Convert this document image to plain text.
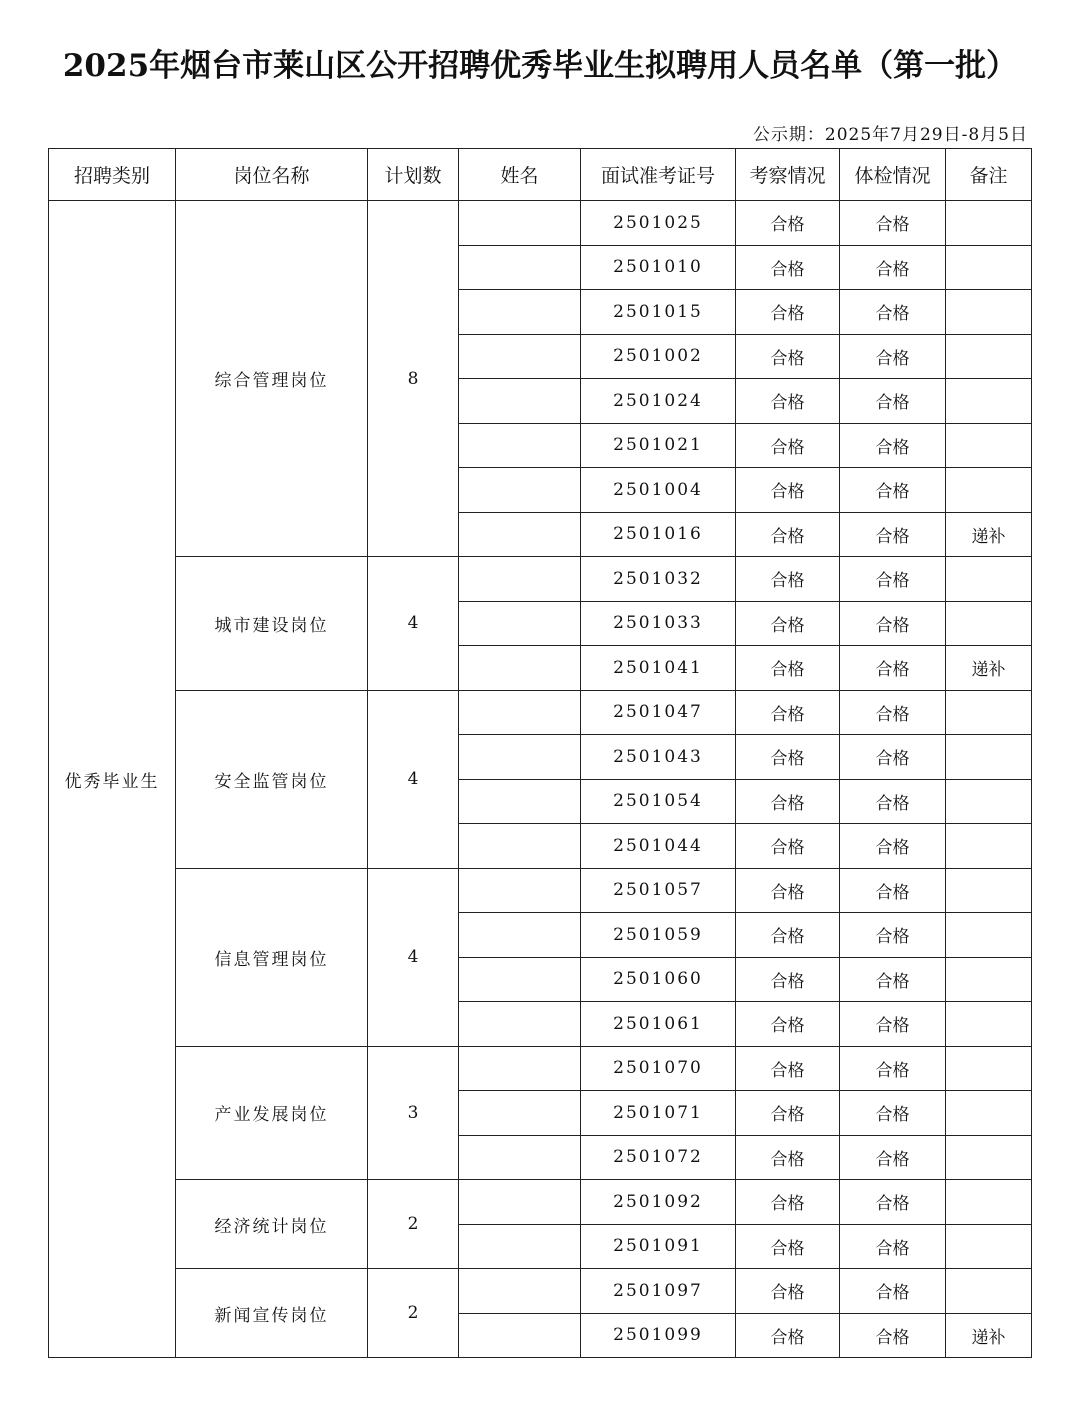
2025年烟台市莱山区公开招聘优秀毕业生拟聘用人员名单（第一批）
公示期：2025年7月29日-8月5日
招聘类别	岗位名称	计划数	姓名	面试准考证号	考察情况	体检情况	备注
优秀毕业生	综合管理岗位	8		2501025	合格	合格	
				2501010	合格	合格	
				2501015	合格	合格	
				2501002	合格	合格	
				2501024	合格	合格	
				2501021	合格	合格	
				2501004	合格	合格	
				2501016	合格	合格	递补
	城市建设岗位	4		2501032	合格	合格	
				2501033	合格	合格	
				2501041	合格	合格	递补
	安全监管岗位	4		2501047	合格	合格	
				2501043	合格	合格	
				2501054	合格	合格	
				2501044	合格	合格	
	信息管理岗位	4		2501057	合格	合格	
				2501059	合格	合格	
				2501060	合格	合格	
				2501061	合格	合格	
	产业发展岗位	3		2501070	合格	合格	
				2501071	合格	合格	
				2501072	合格	合格	
	经济统计岗位	2		2501092	合格	合格	
				2501091	合格	合格	
	新闻宣传岗位	2		2501097	合格	合格	
				2501099	合格	合格	递补
